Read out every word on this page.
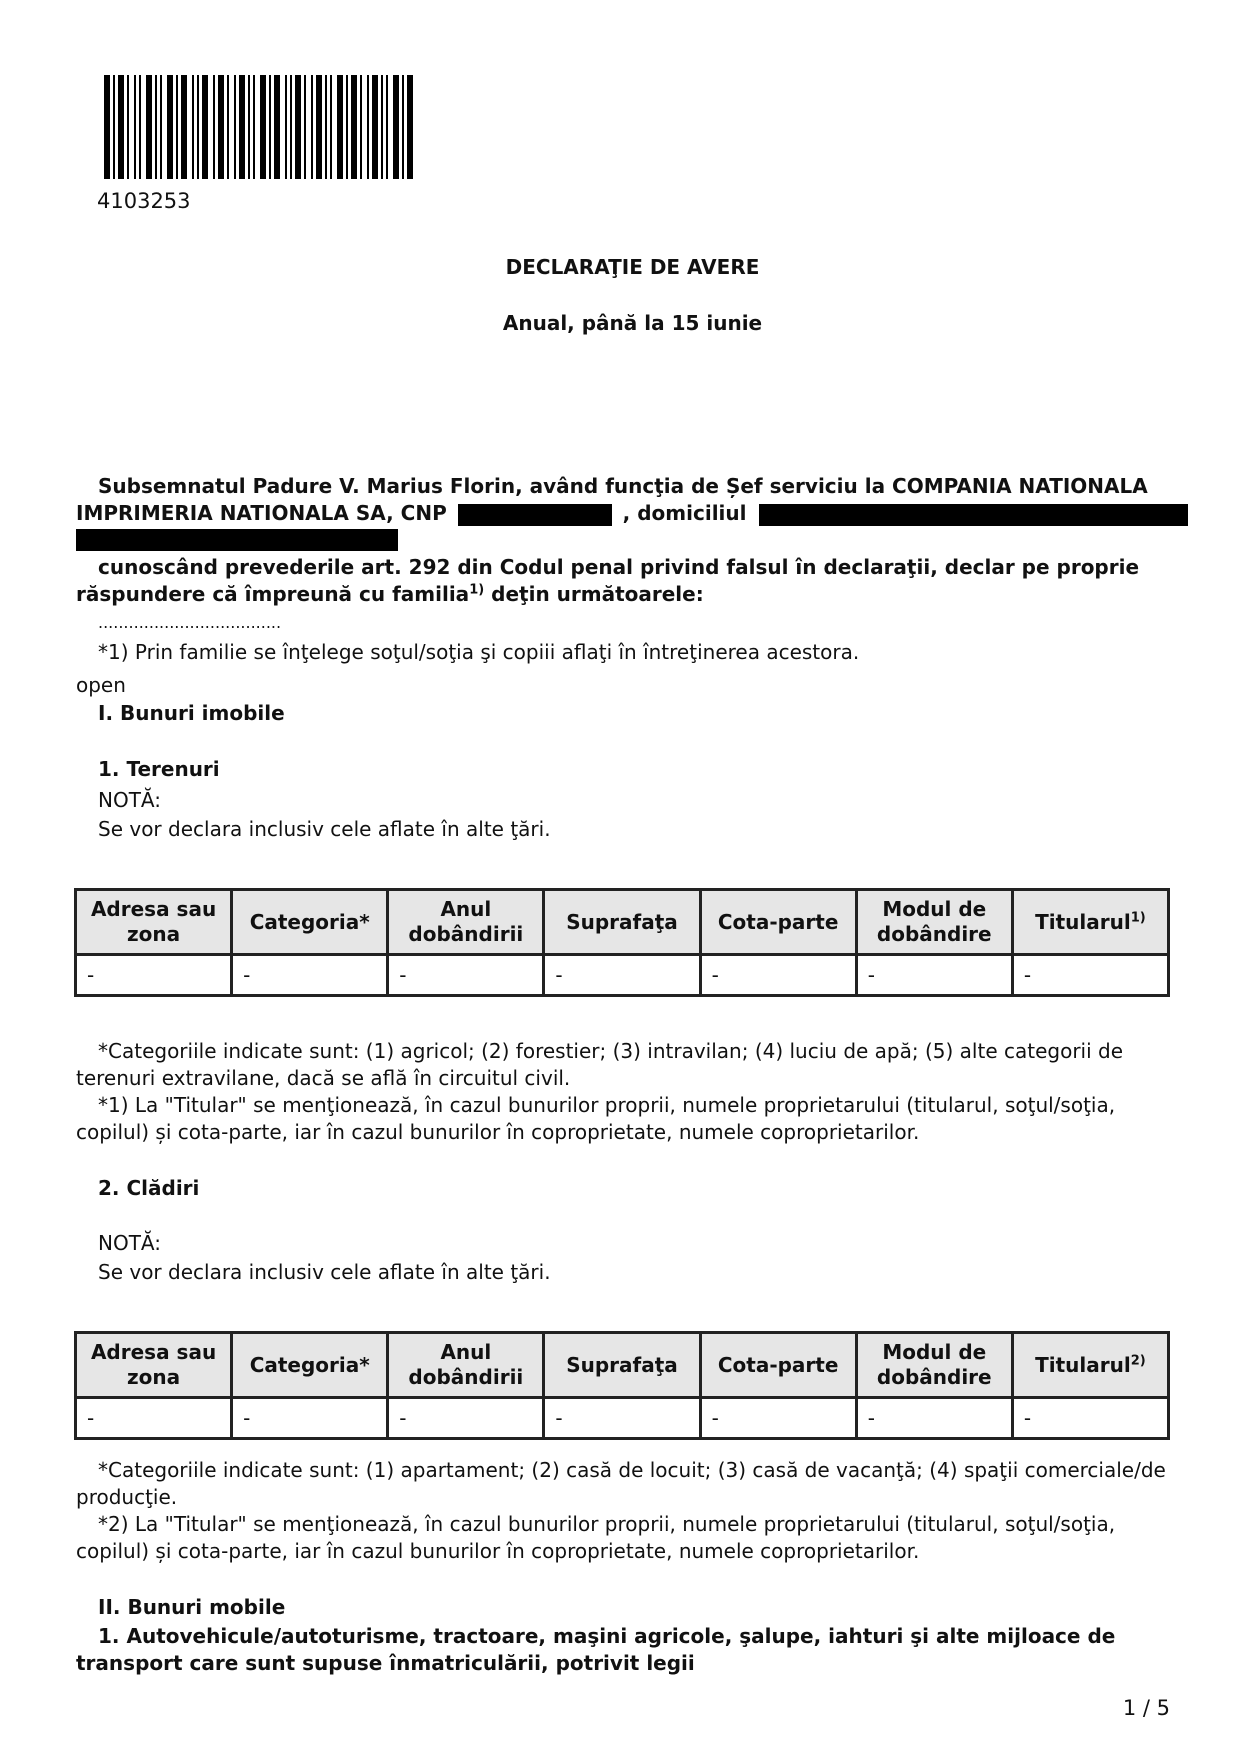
4103253
DECLARAŢIE DE AVERE
Anual, până la 15 iunie
Subsemnatul Padure V. Marius Florin, având funcţia de Șef serviciu la COMPANIA NATIONALA
IMPRIMERIA NATIONALA SA, CNP	, domiciliul
cunoscând prevederile art. 292 din Codul penal privind falsul în declaraţii, declar pe proprie
răspundere că împreună cu familia$^{1)}$ deţin următoarele:
....................................
*1) Prin familie se înţelege soţul/soţia şi copiii aflaţi în întreţinerea acestora.
open
I. Bunuri imobile
1. Terenuri
NOTĂ:
Se vor declara inclusiv cele aflate în alte ţări.
Adresa sau zona	Categoria*	Anul dobândirii	Suprafaţa	Cota-parte	Modul de dobândire	Titularul$^{1)}$
-	-	-	-	-	-	-
*Categoriile indicate sunt: (1) agricol; (2) forestier; (3) intravilan; (4) luciu de apă; (5) alte categorii de
terenuri extravilane, dacă se află în circuitul civil.
*1) La "Titular" se menţionează, în cazul bunurilor proprii, numele proprietarului (titularul, soţul/soţia,
copilul) și cota-parte, iar în cazul bunurilor în coproprietate, numele coproprietarilor.
2. Clădiri
NOTĂ:
Se vor declara inclusiv cele aflate în alte ţări.
Adresa sau zona	Categoria*	Anul dobândirii	Suprafaţa	Cota-parte	Modul de dobândire	Titularul$^{2)}$
-	-	-	-	-	-	-
*Categoriile indicate sunt: (1) apartament; (2) casă de locuit; (3) casă de vacanţă; (4) spaţii comerciale/de
producţie.
*2) La "Titular" se menţionează, în cazul bunurilor proprii, numele proprietarului (titularul, soţul/soţia,
copilul) și cota-parte, iar în cazul bunurilor în coproprietate, numele coproprietarilor.
II. Bunuri mobile
1. Autovehicule/autoturisme, tractoare, maşini agricole, şalupe, iahturi şi alte mijloace de
transport care sunt supuse înmatriculării, potrivit legii
1 / 5
